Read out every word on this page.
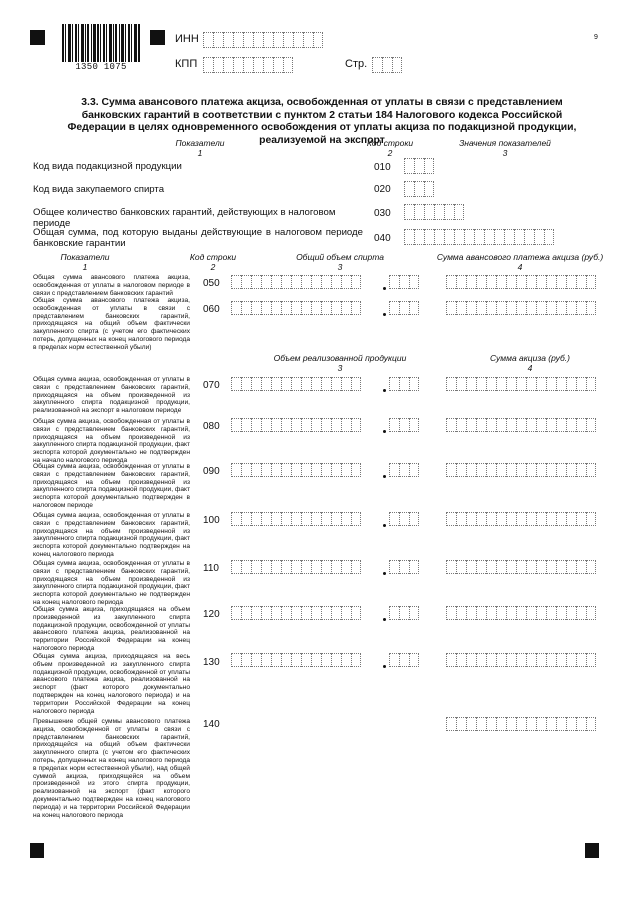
1350 1075
ИНН
КПП	Стр.
9
3.3. Сумма авансового платежа акциза, освобожденная от уплаты в связи с представлением банковских гарантий в соответствии с пунктом 2 статьи 184 Налогового кодекса Российской Федерации в целях одновременного освобождения от уплаты акциза по подакцизной продукции, реализуемой на экспорт
Показатели
1
Код строки
2
Значения показателей
3
Код вида подакцизной продукции	010
Код вида закупаемого спирта	020
Общее количество банковских гарантий, действующих в налоговом периоде
030
Общая сумма, под которую выданы действующие в налоговом периоде банковские гарантии	040
Показатели
1
Код строки
2
Общий объем спирта
3
Сумма авансового платежа акциза (руб.)
4
Общая сумма авансового платежа акциза, освобожденная от уплаты в налоговом периоде в связи с представлением банковских гарантий
050
Общая сумма авансового платежа акциза, освобожденная от уплаты в связи с представлением банковских гарантий, приходящаяся на общий объем фактически закупленного спирта (с учетом его фактических потерь, допущенных на конец налогового периода в пределах норм естественной убыли)
060
Объем реализованной продукции
3
Сумма акциза (руб.)
4
Общая сумма акциза, освобожденная от уплаты в связи с представлением банковских гарантий, приходящаяся на объем произведенной из закупленного спирта подакцизной продукции, реализованной на экспорт в налоговом периоде
070
Общая сумма акциза, освобожденная от уплаты в связи с представлением банковских гарантий, приходящаяся на объем произведенной из закупленного спирта подакцизной продукции, факт экспорта которой документально не подтвержден на начало налогового периода
080
Общая сумма акциза, освобожденная от уплаты в связи с представлением банковских гарантий, приходящаяся на объем произведенной из закупленного спирта подакцизной продукции, факт экспорта которой документально подтвержден в налоговом периоде
090
Общая сумма акциза, освобожденная от уплаты в связи с представлением банковских гарантий, приходящаяся на объем произведенной из закупленного спирта подакцизной продукции, факт экспорта которой документально подтвержден на конец налогового периода
100
Общая сумма акциза, освобожденная от уплаты в связи с представлением банковских гарантий, приходящаяся на объем произведенной из закупленного спирта подакцизной продукции, факт экспорта которой документально не подтвержден на конец налогового периода
110
Общая сумма акциза, приходящаяся на объем произведенной из закупленного спирта подакцизной продукции, освобожденной от уплаты авансового платежа акциза, реализованной на территории Российской Федерации на конец налогового периода
120
Общая сумма акциза, приходящаяся на весь объем произведенной из закупленного спирта подакцизной продукции, освобожденной от уплаты авансового платежа акциза, реализованной на экспорт (факт которого документально подтвержден на конец налогового периода) и на территории Российской Федерации на конец налогового периода
130
Превышение общей суммы авансового платежа акциза, освобожденной от уплаты в связи с представлением банковских гарантий, приходящейся на общий объем фактически закупленного спирта (с учетом его фактических потерь, допущенных на конец налогового периода в пределах норм естественной убыли), над общей суммой акциза, приходящейся на объем произведенной из этого спирта продукции, реализованной на экспорт (факт которого документально подтвержден на конец налогового периода) и на территории Российской Федерации на конец налогового периода
140
